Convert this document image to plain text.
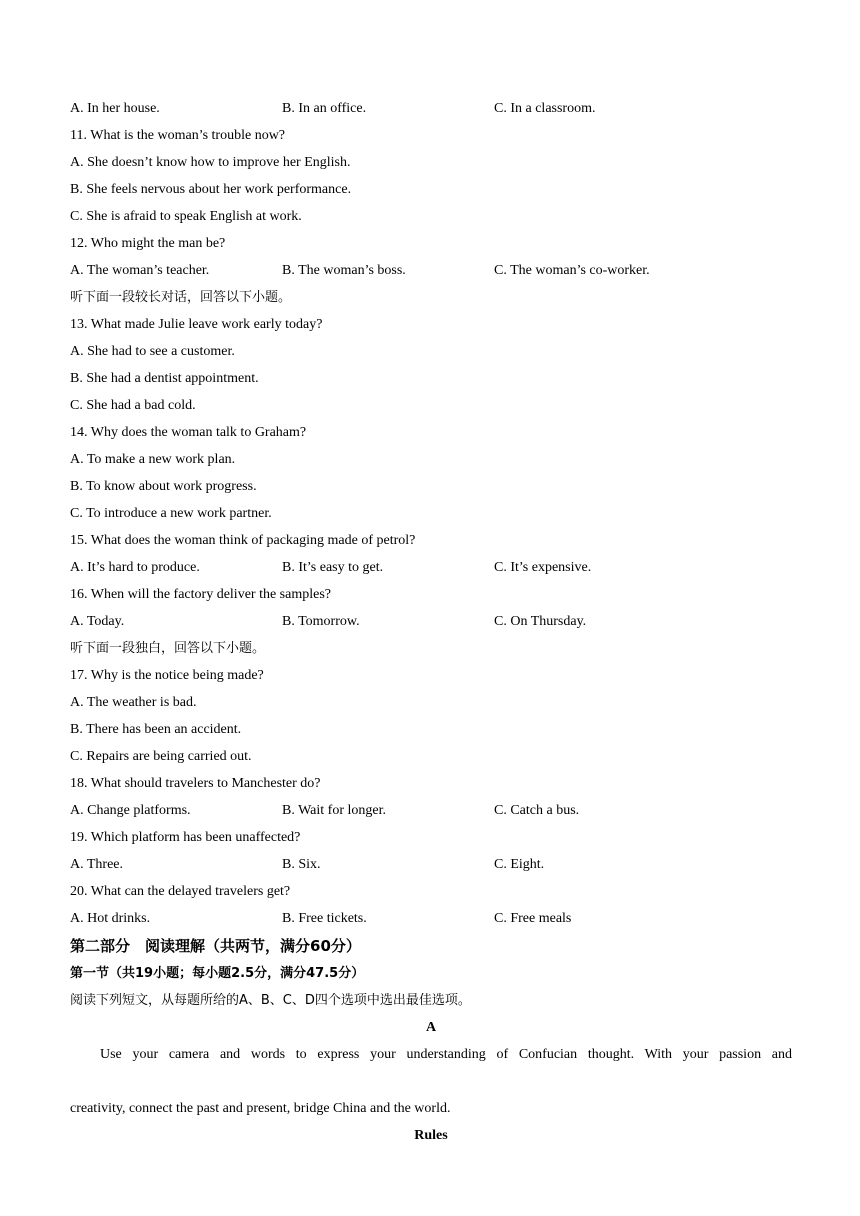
A. In her house.	B. In an office.	C. In a classroom.
11. What is the woman’s trouble now?
A. She doesn’t know how to improve her English.
B. She feels nervous about her work performance.
C. She is afraid to speak English at work.
12. Who might the man be?
A. The woman’s teacher.	B. The woman’s boss.	C. The woman’s co-worker.
听下面一段较长对话，回答以下小题。
13. What made Julie leave work early today?
A. She had to see a customer.
B. She had a dentist appointment.
C. She had a bad cold.
14. Why does the woman talk to Graham?
A. To make a new work plan.
B. To know about work progress.
C. To introduce a new work partner.
15. What does the woman think of packaging made of petrol?
A. It’s hard to produce.	B. It’s easy to get.	C. It’s expensive.
16. When will the factory deliver the samples?
A. Today.	B. Tomorrow.	C. On Thursday.
听下面一段独白，回答以下小题。
17. Why is the notice being made?
A. The weather is bad.
B. There has been an accident.
C. Repairs are being carried out.
18. What should travelers to Manchester do?
A. Change platforms.	B. Wait for longer.	C. Catch a bus.
19. Which platform has been unaffected?
A. Three.	B. Six.	C. Eight.
20. What can the delayed travelers get?
A. Hot drinks.	B. Free tickets.	C. Free meals
第二部分　阅读理解（共两节，满分60分）
第一节（共19小题；每小题2.5分，满分47.5分）
阅读下列短文，从每题所给的A、B、C、D四个选项中选出最佳选项。
A
Use your camera and words to express your understanding of Confucian thought. With your passion and
creativity, connect the past and present, bridge China and the world.
Rules
